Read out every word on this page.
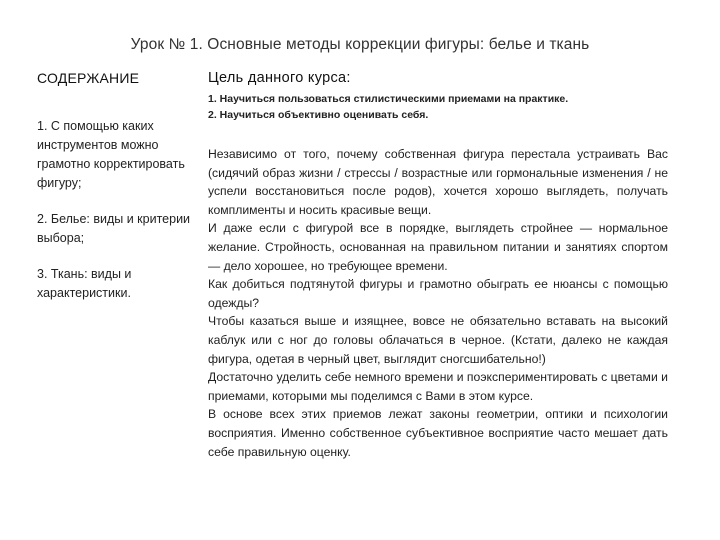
Урок № 1. Основные методы коррекции фигуры: белье и ткань
СОДЕРЖАНИЕ
1. С помощью каких инструментов можно грамотно корректировать фигуру;
2. Белье: виды и критерии выбора;
3. Ткань: виды и характеристики.
Цель данного курса:
1. Научиться пользоваться стилистическими приемами на практике.
2. Научиться объективно оценивать себя.

Независимо от того, почему собственная фигура перестала устраивать Вас (сидячий образ жизни / стрессы / возрастные или гормональные изменения / не успели восстановиться после родов), хочется хорошо выглядеть, получать комплименты и носить красивые вещи.

И даже если с фигурой все в порядке, выглядеть стройнее — нормальное желание. Стройность, основанная на правильном питании и занятиях спортом — дело хорошее, но требующее времени.

Как добиться подтянутой фигуры и грамотно обыграть ее нюансы с помощью одежды?

Чтобы казаться выше и изящнее, вовсе не обязательно вставать на высокий каблук или с ног до головы облачаться в черное. (Кстати, далеко не каждая фигура, одетая в черный цвет, выглядит сногсшибательно!)

Достаточно уделить себе немного времени и поэкспериментировать с цветами и приемами, которыми мы поделимся с Вами в этом курсе.

В основе всех этих приемов лежат законы геометрии, оптики и психологии восприятия. Именно собственное субъективное восприятие часто мешает дать себе правильную оценку.
